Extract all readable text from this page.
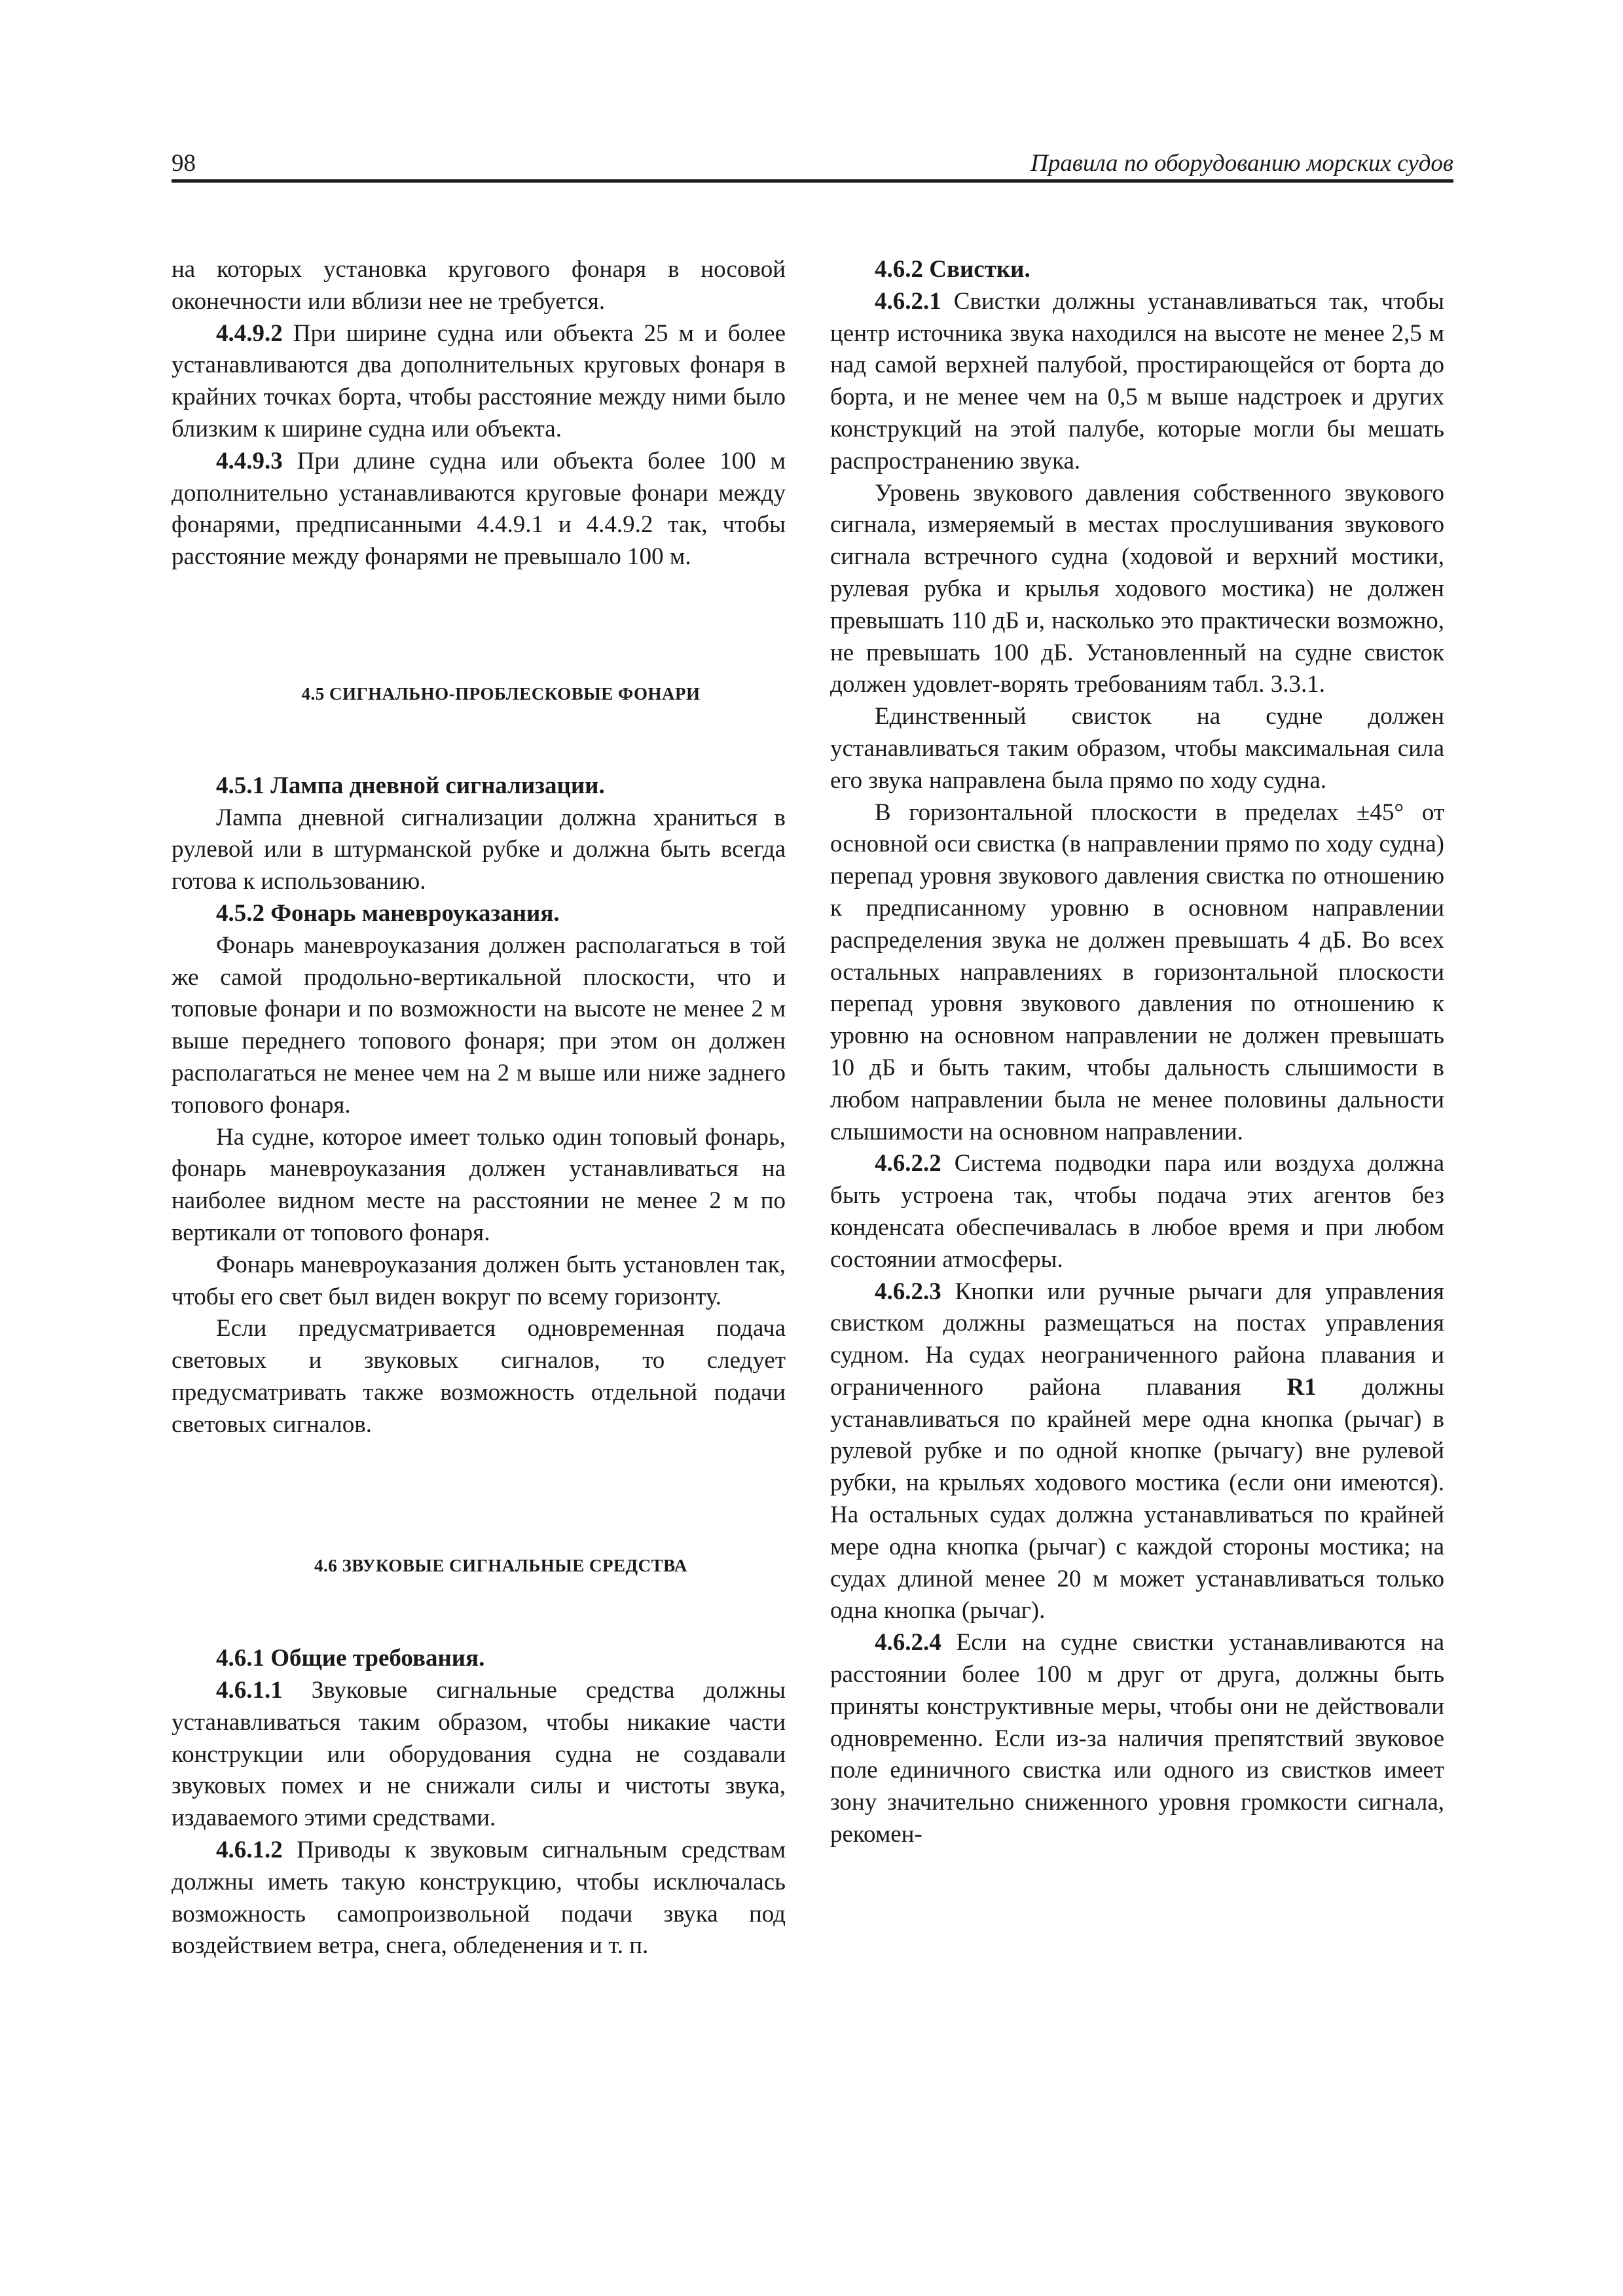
98	Правила по оборудованию морских судов

на которых установка кругового фонаря в носовой оконечности или вблизи нее не требуется.

4.4.9.2 При ширине судна или объекта 25 м и более устанавливаются два дополнительных круговых фонаря в крайних точках борта, чтобы расстояние между ними было близким к ширине судна или объекта.

4.4.9.3 При длине судна или объекта более 100 м дополнительно устанавливаются круговые фонари между фонарями, предписанными 4.4.9.1 и 4.4.9.2 так, чтобы расстояние между фонарями не превышало 100 м.

4.5 СИГНАЛЬНО-ПРОБЛЕСКОВЫЕ ФОНАРИ

4.5.1 Лампа дневной сигнализации.

Лампа дневной сигнализации должна храниться в рулевой или в штурманской рубке и должна быть всегда готова к использованию.

4.5.2 Фонарь маневроуказания.

Фонарь маневроуказания должен располагаться в той же самой продольно-вертикальной плоскости, что и топовые фонари и по возможности на высоте не менее 2 м выше переднего топового фонаря; при этом он должен располагаться не менее чем на 2 м выше или ниже заднего топового фонаря.

На судне, которое имеет только один топовый фонарь, фонарь маневроуказания должен устанавливаться на наиболее видном месте на расстоянии не менее 2 м по вертикали от топового фонаря.

Фонарь маневроуказания должен быть установлен так, чтобы его свет был виден вокруг по всему горизонту.

Если предусматривается одновременная подача световых и звуковых сигналов, то следует предусматривать также возможность отдельной подачи световых сигналов.

4.6 ЗВУКОВЫЕ СИГНАЛЬНЫЕ СРЕДСТВА

4.6.1 Общие требования.

4.6.1.1 Звуковые сигнальные средства должны устанавливаться таким образом, чтобы никакие части конструкции или оборудования судна не создавали звуковых помех и не снижали силы и чистоты звука, издаваемого этими средствами.

4.6.1.2 Приводы к звуковым сигнальным средствам должны иметь такую конструкцию, чтобы исключалась возможность самопроизвольной подачи звука под воздействием ветра, снега, обледенения и т. п.

4.6.2 Свистки.

4.6.2.1 Свистки должны устанавливаться так, чтобы центр источника звука находился на высоте не менее 2,5 м над самой верхней палубой, простирающейся от борта до борта, и не менее чем на 0,5 м выше надстроек и других конструкций на этой палубе, которые могли бы мешать распространению звука.

Уровень звукового давления собственного звукового сигнала, измеряемый в местах прослушивания звукового сигнала встречного судна (ходовой и верхний мостики, рулевая рубка и крылья ходового мостика) не должен превышать 110 дБ и, насколько это практически возможно, не превышать 100 дБ. Установленный на судне свисток должен удовлет-ворять требованиям табл. 3.3.1.

Единственный свисток на судне должен устанавливаться таким образом, чтобы максимальная сила его звука направлена была прямо по ходу судна.

В горизонтальной плоскости в пределах ±45° от основной оси свистка (в направлении прямо по ходу судна) перепад уровня звукового давления свистка по отношению к предписанному уровню в основном направлении распределения звука не должен превышать 4 дБ. Во всех остальных направлениях в горизонтальной плоскости перепад уровня звукового давления по отношению к уровню на основном направлении не должен превышать 10 дБ и быть таким, чтобы дальность слышимости в любом направлении была не менее половины дальности слышимости на основном направлении.

4.6.2.2 Система подводки пара или воздуха должна быть устроена так, чтобы подача этих агентов без конденсата обеспечивалась в любое время и при любом состоянии атмосферы.

4.6.2.3 Кнопки или ручные рычаги для управления свистком должны размещаться на постах управления судном. На судах неограниченного района плавания и ограниченного района плавания R1 должны устанавливаться по крайней мере одна кнопка (рычаг) в рулевой рубке и по одной кнопке (рычагу) вне рулевой рубки, на крыльях ходового мостика (если они имеются). На остальных судах должна устанавливаться по крайней мере одна кнопка (рычаг) с каждой стороны мостика; на судах длиной менее 20 м может устанавливаться только одна кнопка (рычаг).

4.6.2.4 Если на судне свистки устанавливаются на расстоянии более 100 м друг от друга, должны быть приняты конструктивные меры, чтобы они не действовали одновременно. Если из-за наличия препятствий звуковое поле единичного свистка или одного из свистков имеет зону значительно сниженного уровня громкости сигнала, рекомен-
